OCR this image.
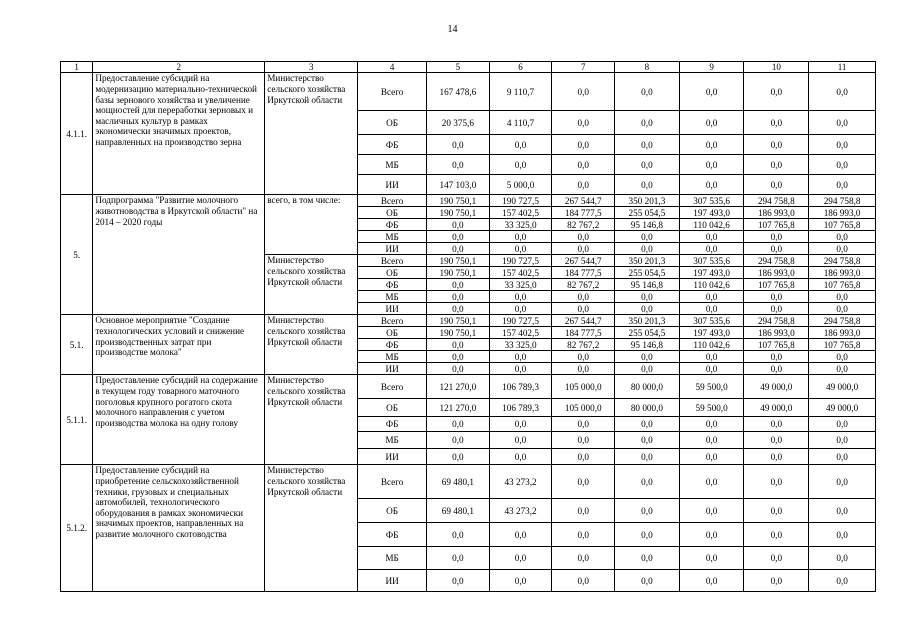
14
1	2	3	4	5	6	7	8	9	10	11
4.1.1.	Предоставление субсидий на модернизацию материально-технической базы зернового хозяйства и увеличение мощностей для переработки зерновых и масличных культур в рамках экономически значимых проектов, направленных на производство зерна	Министерство сельского хозяйства Иркутской области	Всего	167 478,6	9 110,7	0,0	0,0	0,0	0,0	0,0
			ОБ	20 375,6	4 110,7	0,0	0,0	0,0	0,0	0,0
			ФБ	0,0	0,0	0,0	0,0	0,0	0,0	0,0
			МБ	0,0	0,0	0,0	0,0	0,0	0,0	0,0
			ИИ	147 103,0	5 000,0	0,0	0,0	0,0	0,0	0,0
5.	Подпрограмма "Развитие молочного животноводства в Иркутской области" на 2014 – 2020 годы	всего, в том числе:	Всего	190 750,1	190 727,5	267 544,7	350 201,3	307 535,6	294 758,8	294 758,8
			ОБ	190 750,1	157 402,5	184 777,5	255 054,5	197 493,0	186 993,0	186 993,0
			ФБ	0,0	33 325,0	82 767,2	95 146,8	110 042,6	107 765,8	107 765,8
			МБ	0,0	0,0	0,0	0,0	0,0	0,0	0,0
			ИИ	0,0	0,0	0,0	0,0	0,0	0,0	0,0
		Министерство сельского хозяйства Иркутской области	Всего	190 750,1	190 727,5	267 544,7	350 201,3	307 535,6	294 758,8	294 758,8
			ОБ	190 750,1	157 402,5	184 777,5	255 054,5	197 493,0	186 993,0	186 993,0
			ФБ	0,0	33 325,0	82 767,2	95 146,8	110 042,6	107 765,8	107 765,8
			МБ	0,0	0,0	0,0	0,0	0,0	0,0	0,0
			ИИ	0,0	0,0	0,0	0,0	0,0	0,0	0,0
5.1.	Основное мероприятие "Создание технологических условий и снижение производственных затрат при производстве молока"	Министерство сельского хозяйства Иркутской области	Всего	190 750,1	190 727,5	267 544,7	350 201,3	307 535,6	294 758,8	294 758,8
			ОБ	190 750,1	157 402,5	184 777,5	255 054,5	197 493,0	186 993,0	186 993,0
			ФБ	0,0	33 325,0	82 767,2	95 146,8	110 042,6	107 765,8	107 765,8
			МБ	0,0	0,0	0,0	0,0	0,0	0,0	0,0
			ИИ	0,0	0,0	0,0	0,0	0,0	0,0	0,0
5.1.1.	Предоставление субсидий на содержание в текущем году товарного маточного поголовья крупного рогатого скота молочного направления с учетом производства молока на одну голову	Министерство сельского хозяйства Иркутской области	Всего	121 270,0	106 789,3	105 000,0	80 000,0	59 500,0	49 000,0	49 000,0
			ОБ	121 270,0	106 789,3	105 000,0	80 000,0	59 500,0	49 000,0	49 000,0
			ФБ	0,0	0,0	0,0	0,0	0,0	0,0	0,0
			МБ	0,0	0,0	0,0	0,0	0,0	0,0	0,0
			ИИ	0,0	0,0	0,0	0,0	0,0	0,0	0,0
5.1.2.	Предоставление субсидий на приобретение сельскохозяйственной техники, грузовых и специальных автомобилей, технологического оборудования в рамках экономически значимых проектов, направленных на развитие молочного скотоводства	Министерство сельского хозяйства Иркутской области	Всего	69 480,1	43 273,2	0,0	0,0	0,0	0,0	0,0
			ОБ	69 480,1	43 273,2	0,0	0,0	0,0	0,0	0,0
			ФБ	0,0	0,0	0,0	0,0	0,0	0,0	0,0
			МБ	0,0	0,0	0,0	0,0	0,0	0,0	0,0
			ИИ	0,0	0,0	0,0	0,0	0,0	0,0	0,0
